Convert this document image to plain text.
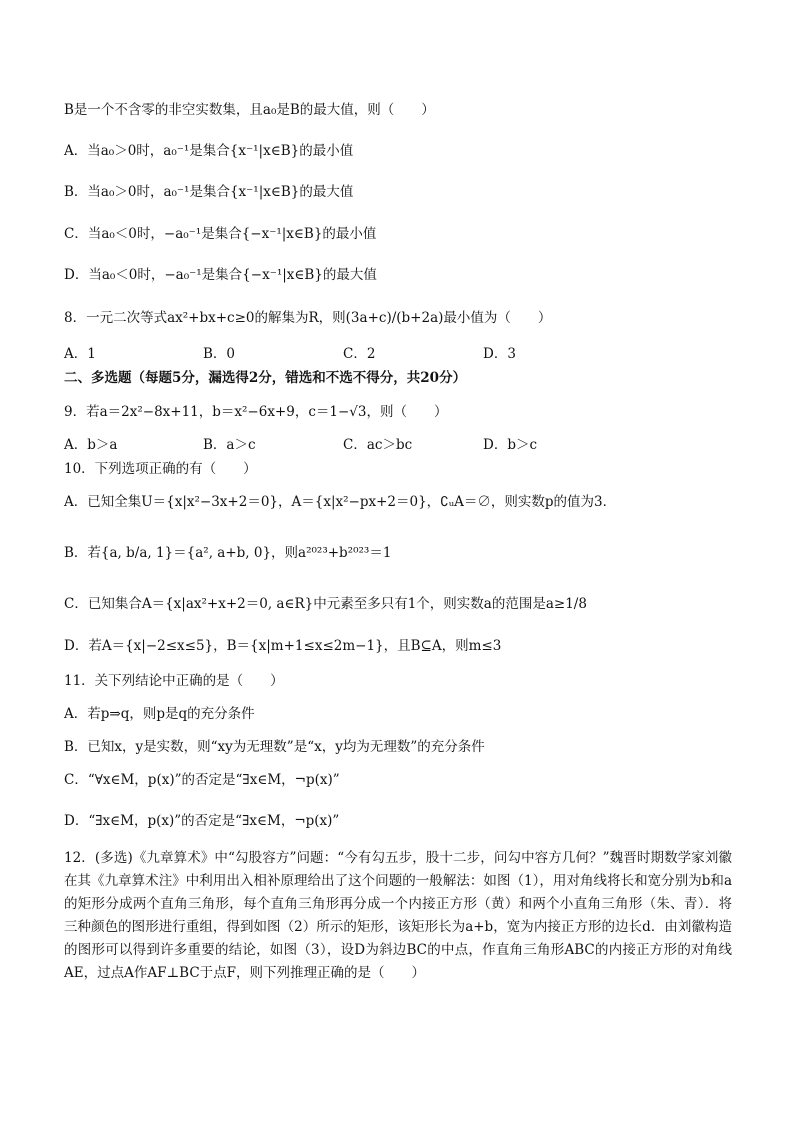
B是一个不含零的非空实数集，且a₀是B的最大值，则（　　）
A．当a₀＞0时，a₀⁻¹是集合{x⁻¹|x∈B}的最小值
B．当a₀＞0时，a₀⁻¹是集合{x⁻¹|x∈B}的最大值
C．当a₀＜0时，−a₀⁻¹是集合{−x⁻¹|x∈B}的最小值
D．当a₀＜0时，−a₀⁻¹是集合{−x⁻¹|x∈B}的最大值
8．一元二次等式ax²+bx+c≥0的解集为R，则(3a+c)/(b+2a)最小值为（　　）
A．1	B．0	C．2	D．3
二、多选题（每题5分，漏选得2分，错选和不选不得分，共20分）
9．若a＝2x²−8x+11，b＝x²−6x+9，c＝1−√3，则（　　）
A．b＞a	B．a＞c	C．ac＞bc	D．b＞c
10．下列选项正确的有（　　）
A．已知全集U＝{x|x²−3x+2＝0}，A＝{x|x²−px+2＝0}，∁ᵤA＝∅，则实数p的值为3．
B．若{a, b/a, 1}＝{a², a+b, 0}，则a²⁰²³+b²⁰²³＝1
C．已知集合A＝{x|ax²+x+2＝0, a∈R}中元素至多只有1个，则实数a的范围是a≥1/8
D．若A＝{x|−2≤x≤5}，B＝{x|m+1≤x≤2m−1}，且B⊆A，则m≤3
11．关下列结论中正确的是（　　）
A．若p⇒q，则p是q的充分条件
B．已知x，y是实数，则“xy为无理数”是“x，y均为无理数”的充分条件
C．“∀x∈M，p(x)”的否定是“∃x∈M，¬p(x)”
D．“∃x∈M，p(x)”的否定是“∃x∈M，¬p(x)”
12．(多选)《九章算术》中“勾股容方”问题：“今有勾五步，股十二步，问勾中容方几何？”魏晋时期数学家刘徽在其《九章算术注》中利用出入相补原理给出了这个问题的一般解法：如图（1），用对角线将长和宽分别为b和a的矩形分成两个直角三角形，每个直角三角形再分成一个内接正方形（黄）和两个小直角三角形（朱、青）．将三种颜色的图形进行重组，得到如图（2）所示的矩形，该矩形长为a+b，宽为内接正方形的边长d．由刘徽构造的图形可以得到许多重要的结论，如图（3），设D为斜边BC的中点，作直角三角形ABC的内接正方形的对角线AE，过点A作AF⊥BC于点F，则下列推理正确的是（　　）
